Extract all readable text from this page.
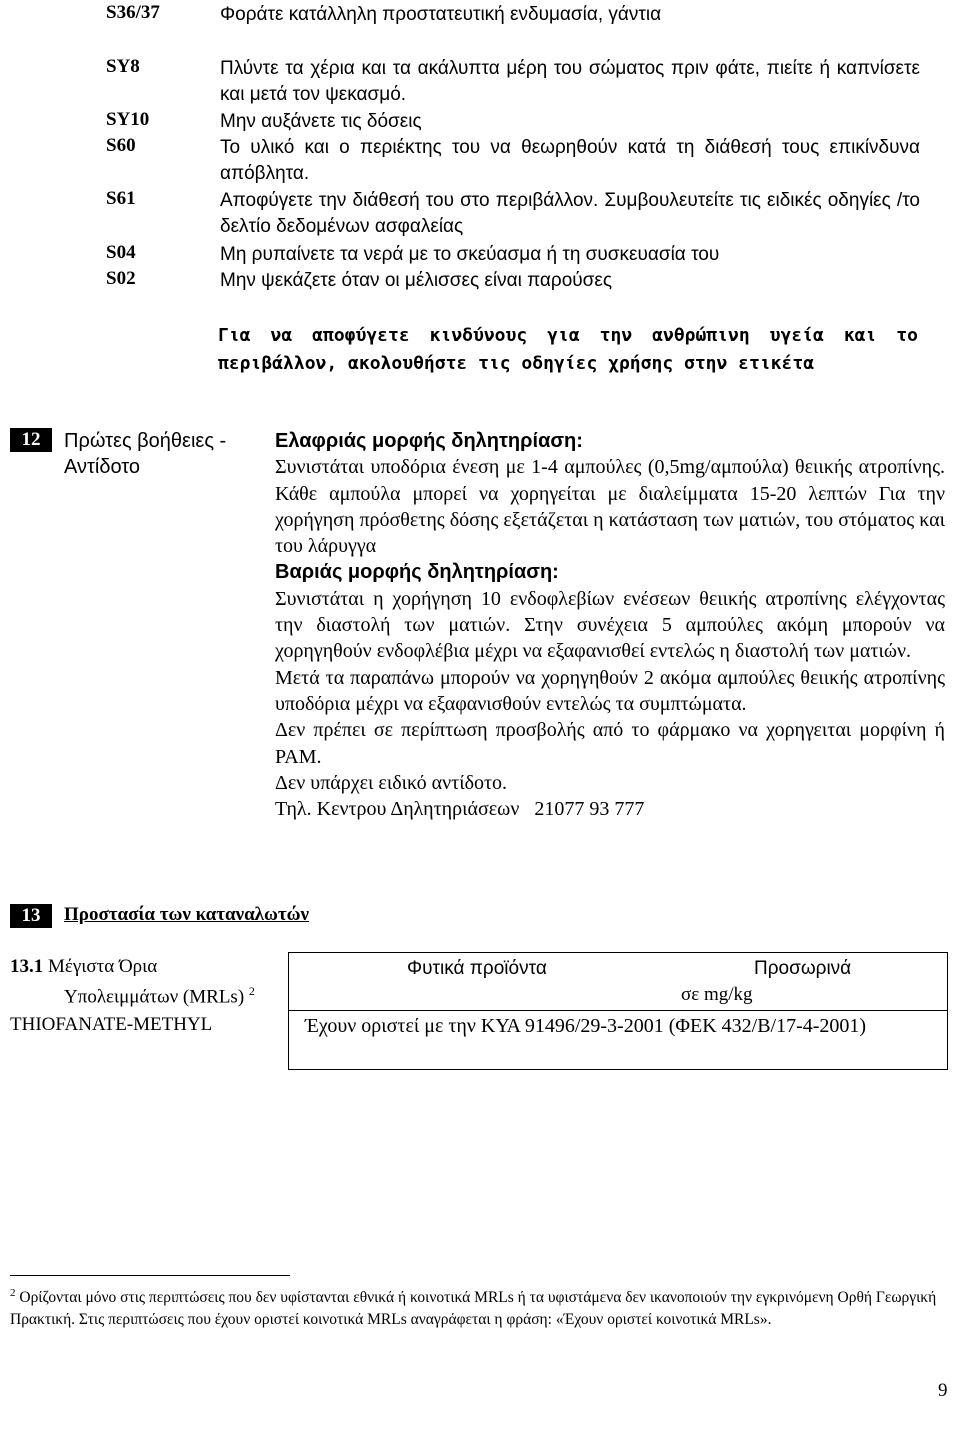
S36/37	Φοράτε κατάλληλη προστατευτική ενδυμασία, γάντια
SY8	Πλύντε τα χέρια και τα ακάλυπτα μέρη του σώματος πριν φάτε, πιείτε ή καπνίσετε και μετά τον ψεκασμό.
SY10	Μην αυξάνετε τις δόσεις
S60	Το υλικό και ο περιέκτης του να θεωρηθούν κατά τη διάθεσή τους επικίνδυνα απόβλητα.
S61	Αποφύγετε την διάθεσή του στο περιβάλλον. Συμβουλευτείτε τις ειδικές οδηγίες /το δελτίο δεδομένων ασφαλείας
S04	Μη ρυπαίνετε τα νερά με το σκεύασμα ή τη συσκευασία του
S02	Μην ψεκάζετε όταν οι μέλισσες είναι παρούσες
Για να αποφύγετε κινδύνους για την ανθρώπινη υγεία και το περιβάλλον, ακολουθήστε τις οδηγίες χρήσης στην ετικέτα
12	Πρώτες βοήθειες - Αντίδοτο

Ελαφριάς μορφής δηλητηρίαση:

Συνιστάται υποδόρια ένεση με 1-4 αμπούλες (0,5mg/αμπούλα) θειικής ατροπίνης. Κάθε αμπούλα μπορεί να χορηγείται με διαλείμματα 15-20 λεπτών Για την χορήγηση πρόσθετης δόσης εξετάζεται η κατάσταση των ματιών, του στόματος και του λάρυγγα

Βαριάς μορφής δηλητηρίαση:

Συνιστάται η χορήγηση 10 ενδοφλεβίων ενέσεων θειικής ατροπίνης ελέγχοντας την διαστολή των ματιών. Στην συνέχεια 5 αμπούλες ακόμη μπορούν να χορηγηθούν ενδοφλέβια μέχρι να εξαφανισθεί εντελώς η διαστολή των ματιών.

Μετά τα παραπάνω μπορούν να χορηγηθούν 2 ακόμα αμπούλες θειικής ατροπίνης υποδόρια μέχρι να εξαφανισθούν εντελώς τα συμπτώματα.

Δεν πρέπει σε περίπτωση προσβολής από το φάρμακο να χορηγειται μορφίνη ή PAM.

Δεν υπάρχει ειδικό αντίδοτο.

Τηλ. Κεντρου Δηλητηριάσεων   21077 93 777

13	Προστασία των καταναλωτών
13.1 Μέγιστα Όρια
Υπολειμμάτων (MRLs) $^2$
THIOFANATE-METHYL
Φυτικά προϊόντα	Προσωρινά
σε mg/kg
Έχουν οριστεί με την ΚΥΑ 91496/29-3-2001 (ΦΕΚ 432/Β/17-4-2001)
$^2$ Ορίζονται μόνο στις περιπτώσεις που δεν υφίστανται εθνικά ή κοινοτικά MRLs ή τα υφιστάμενα δεν ικανοποιούν την εγκρινόμενη Ορθή Γεωργική Πρακτική. Στις περιπτώσεις που έχουν οριστεί κοινοτικά MRLs αναγράφεται η φράση: «Έχουν οριστεί κοινοτικά MRLs».
9
